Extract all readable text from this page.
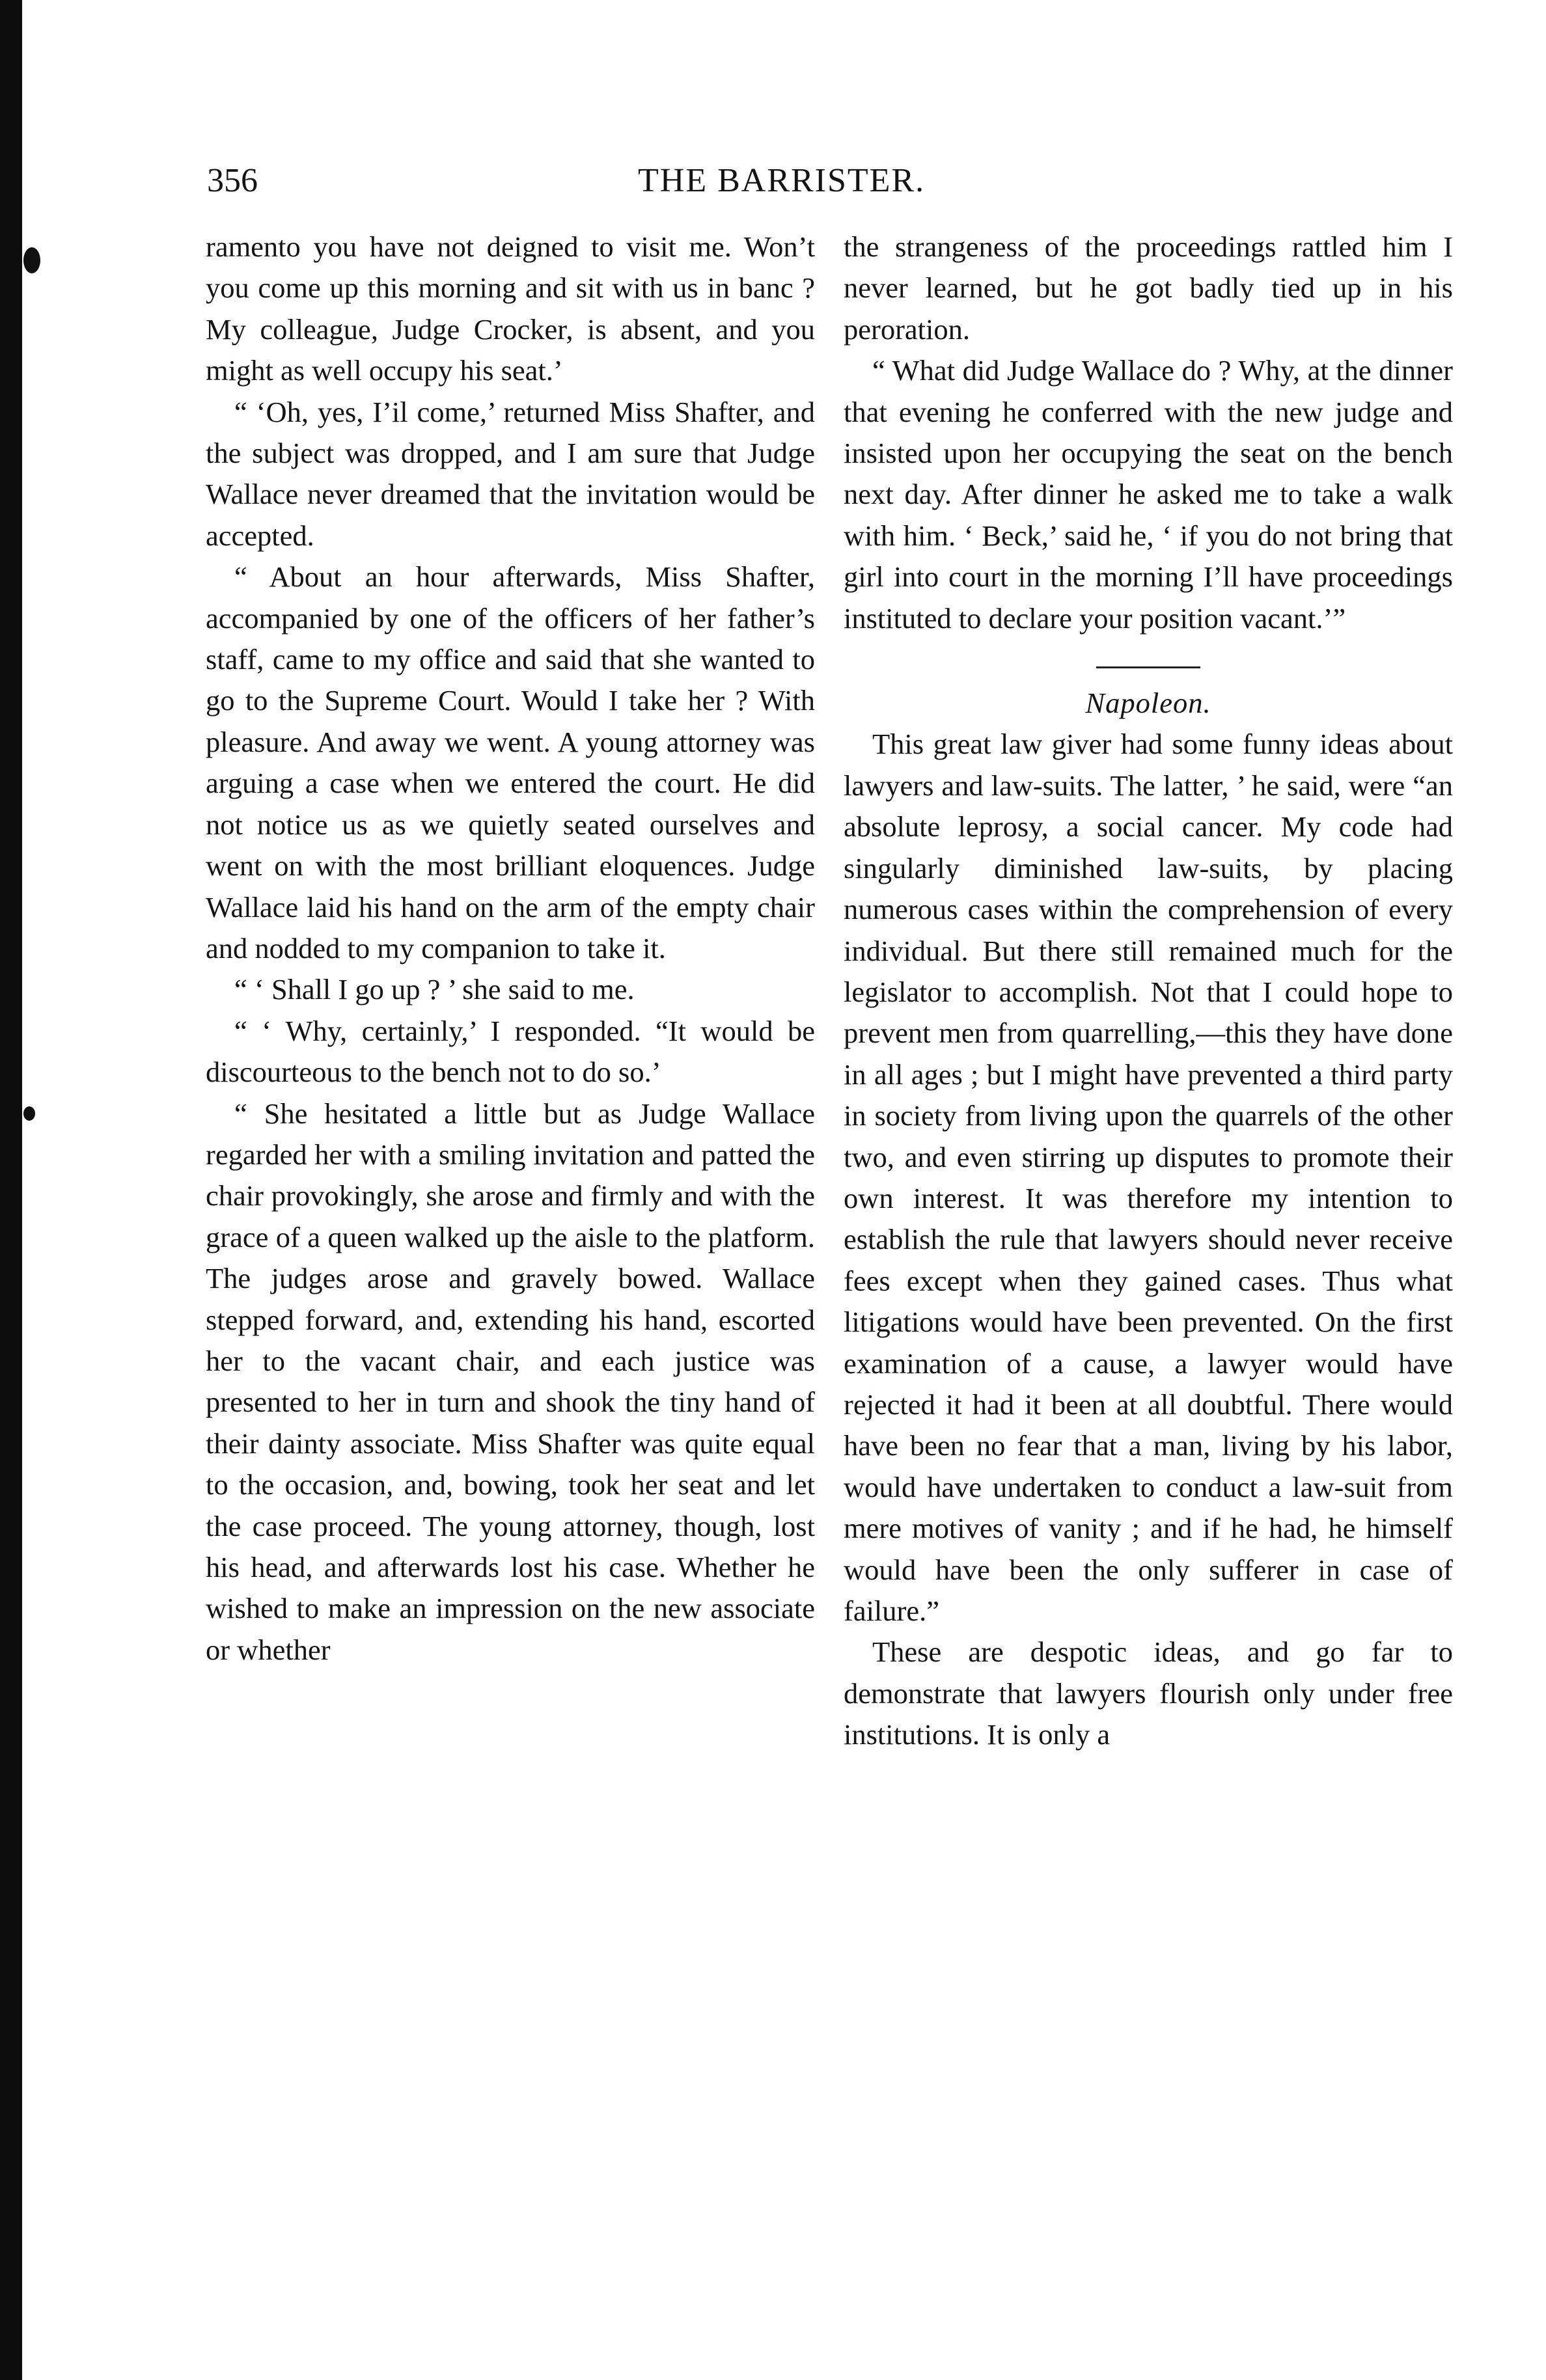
356	THE BARRISTER.

ramento you have not deigned to visit me. Won’t you come up this morning and sit with us in banc ? My colleague, Judge Crocker, is absent, and you might as well occupy his seat.’

“ ‘Oh, yes, I’il come,’ returned Miss Shafter, and the subject was dropped, and I am sure that Judge Wallace never dreamed that the invitation would be accepted.

“ About an hour afterwards, Miss Shafter, accompanied by one of the officers of her father’s staff, came to my office and said that she wanted to go to the Supreme Court. Would I take her ? With pleasure. And away we went. A young attorney was arguing a case when we entered the court. He did not notice us as we quietly seated ourselves and went on with the most brilliant eloquences. Judge Wallace laid his hand on the arm of the empty chair and nodded to my companion to take it.

“ ‘ Shall I go up ? ’ she said to me.

“ ‘ Why, certainly,’ I responded. “It would be discourteous to the bench not to do so.’

“ She hesitated a little but as Judge Wallace regarded her with a smiling invitation and patted the chair provokingly, she arose and firmly and with the grace of a queen walked up the aisle to the platform. The judges arose and gravely bowed. Wallace stepped forward, and, extending his hand, escorted her to the vacant chair, and each justice was presented to her in turn and shook the tiny hand of their dainty associate. Miss Shafter was quite equal to the occasion, and, bowing, took her seat and let the case proceed. The young attorney, though, lost his head, and afterwards lost his case. Whether he wished to make an impression on the new associate or whether

the strangeness of the proceedings rattled him I never learned, but he got badly tied up in his peroration.

“ What did Judge Wallace do ? Why, at the dinner that evening he conferred with the new judge and insisted upon her occupying the seat on the bench next day. After dinner he asked me to take a walk with him. ‘ Beck,’ said he, ‘ if you do not bring that girl into court in the morning I’ll have proceedings instituted to declare your position vacant.’”

Napoleon.

This great law giver had some funny ideas about lawyers and law-suits. The latter, ’ he said, were “an absolute leprosy, a social cancer. My code had singularly diminished law-suits, by placing numerous cases within the comprehension of every individual. But there still remained much for the legislator to accomplish. Not that I could hope to prevent men from quarrelling,—this they have done in all ages ; but I might have prevented a third party in society from living upon the quarrels of the other two, and even stirring up disputes to promote their own interest. It was therefore my intention to establish the rule that lawyers should never receive fees except when they gained cases. Thus what litigations would have been prevented. On the first examination of a cause, a lawyer would have rejected it had it been at all doubtful. There would have been no fear that a man, living by his labor, would have undertaken to conduct a law-suit from mere motives of vanity ; and if he had, he himself would have been the only sufferer in case of failure.”

These are despotic ideas, and go far to demonstrate that lawyers flourish only under free institutions. It is only a
